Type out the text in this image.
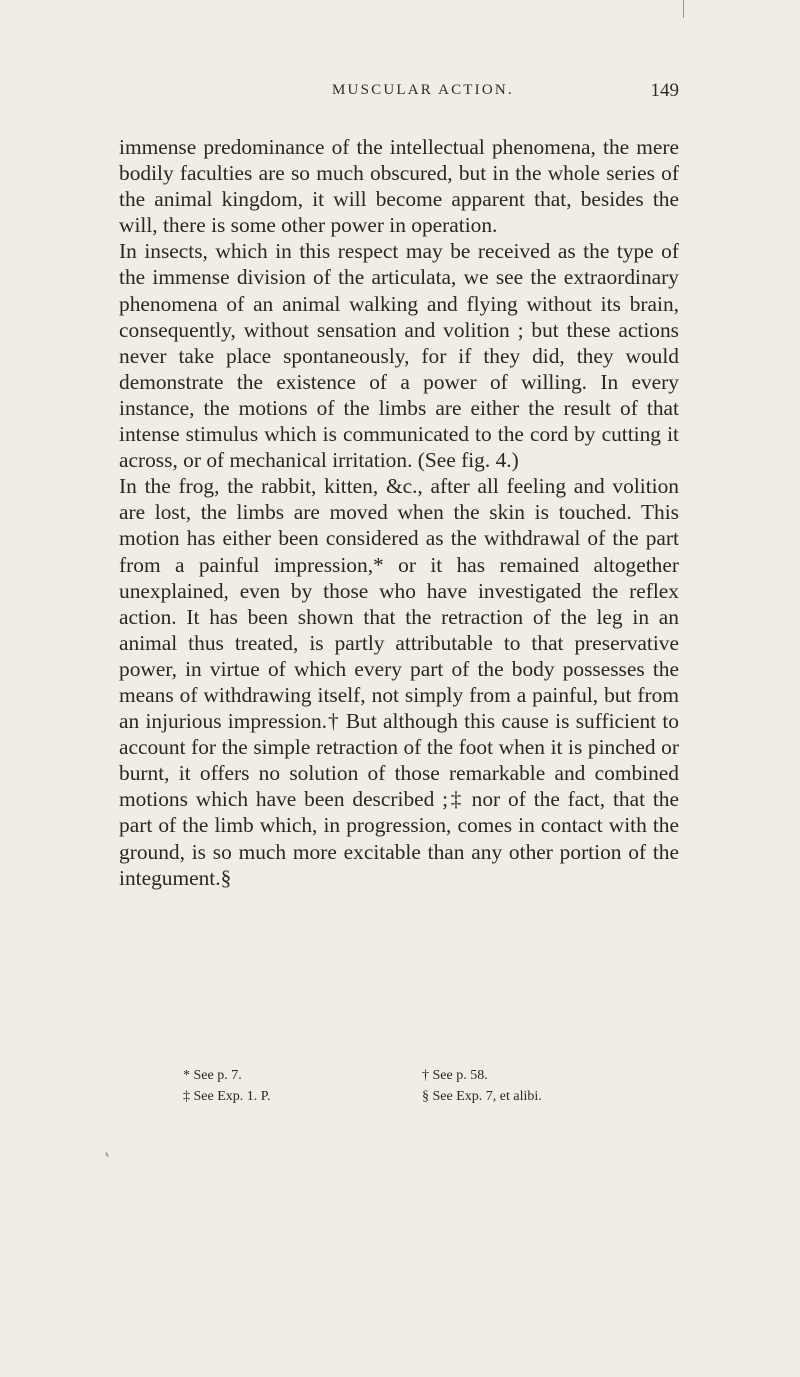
MUSCULAR ACTION.	149

immense predominance of the intellectual phenomena, the mere bodily faculties are so much obscured, but in the whole series of the animal kingdom, it will become apparent that, besides the will, there is some other power in operation.

In insects, which in this respect may be received as the type of the immense division of the articulata, we see the extraordinary phenomena of an animal walking and flying without its brain, consequently, without sensation and volition ; but these actions never take place spontaneously, for if they did, they would demonstrate the existence of a power of willing. In every instance, the motions of the limbs are either the result of that intense stimulus which is communicated to the cord by cutting it across, or of mechanical irritation. (See fig. 4.)

In the frog, the rabbit, kitten, &c., after all feeling and volition are lost, the limbs are moved when the skin is touched. This motion has either been considered as the withdrawal of the part from a painful impression,* or it has remained altogether unexplained, even by those who have investigated the reflex action. It has been shown that the retraction of the leg in an animal thus treated, is partly attributable to that preservative power, in virtue of which every part of the body possesses the means of withdrawing itself, not simply from a painful, but from an injurious impression.† But although this cause is sufficient to account for the simple retraction of the foot when it is pinched or burnt, it offers no solution of those remarkable and combined motions which have been described ;‡ nor of the fact, that the part of the limb which, in progression, comes in contact with the ground, is so much more excitable than any other portion of the integument.§

* See p. 7.	† See p. 58.
‡ See Exp. 1. P.	§ See Exp. 7, et alibi.
